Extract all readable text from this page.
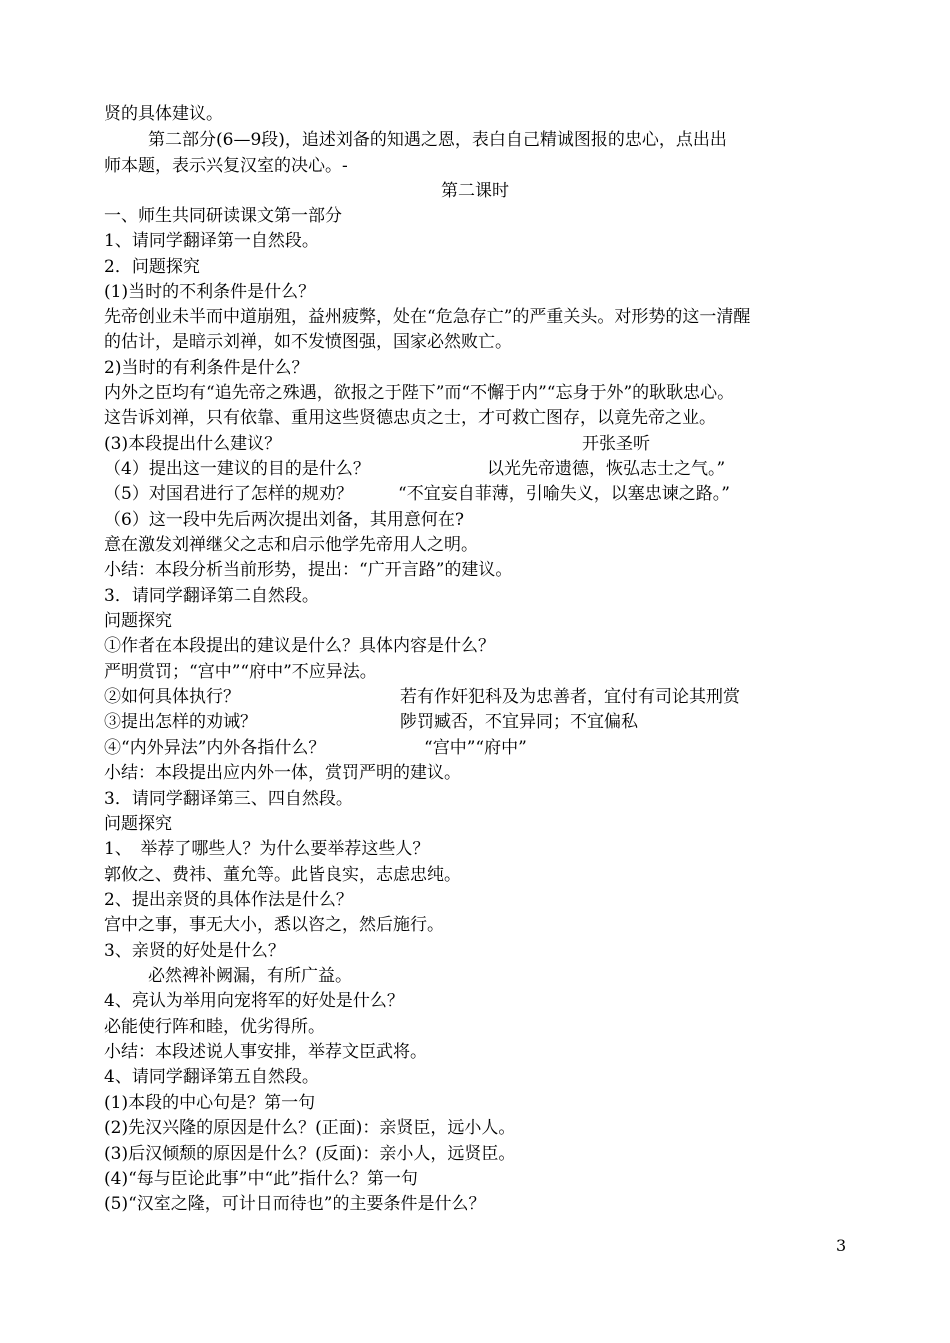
贤的具体建议。
第二部分(6—9段)，追述刘备的知遇之恩，表白自己精诚图报的忠心，点出出
师本题，表示兴复汉室的决心。-
一、师生共同研读课文第一部分
1、请同学翻译第一自然段。
2．问题探究
(1)当时的不利条件是什么？
先帝创业未半而中道崩殂，益州疲弊，处在“危急存亡”的严重关头。对形势的这一清醒
的估计，是暗示刘禅，如不发愤图强，国家必然败亡。
2)当时的有利条件是什么？
内外之臣均有“追先帝之殊遇，欲报之于陛下”而“不懈于内”“忘身于外”的耿耿忠心。
这告诉刘禅，只有依靠、重用这些贤德忠贞之士，才可救亡图存，以竟先帝之业。
(3)本段提出什么建议？
（4）提出这一建议的目的是什么？
（5）对国君进行了怎样的规劝？
（6）这一段中先后两次提出刘备，其用意何在?
意在激发刘禅继父之志和启示他学先帝用人之明。
小结：本段分析当前形势，提出：“广开言路”的建议。
3．请同学翻译第二自然段。
问题探究
①作者在本段提出的建议是什么？具体内容是什么？
严明赏罚；“宫中”“府中”不应异法。
②如何具体执行？
③提出怎样的劝诫？
④“内外异法”内外各指什么？
小结：本段提出应内外一体，赏罚严明的建议。
3．请同学翻译第三、四自然段。
问题探究
1、　举荐了哪些人？为什么要举荐这些人？
郭攸之、费祎、董允等。此皆良实，志虑忠纯。
2、提出亲贤的具体作法是什么？
宫中之事，事无大小，悉以咨之，然后施行。
3、亲贤的好处是什么？
必然裨补阙漏，有所广益。
4、亮认为举用向宠将军的好处是什么？
必能使行阵和睦，优劣得所。
小结：本段述说人事安排，举荐文臣武将。
4、请同学翻译第五自然段。
(1)本段的中心句是？第一句
(2)先汉兴隆的原因是什么？(正面)：亲贤臣，远小人。
(3)后汉倾颓的原因是什么？(反面)：亲小人，远贤臣。
(4)“每与臣论此事”中“此”指什么？第一句
(5)“汉室之隆，可计日而待也”的主要条件是什么？
开张圣听
以光先帝遗德，恢弘志士之气。”
“不宜妄自菲薄，引喻失义，以塞忠谏之路。”
若有作奸犯科及为忠善者，宜付有司论其刑赏
陟罚臧否，不宜异同；不宜偏私
“宫中”“府中”
第二课时
3
